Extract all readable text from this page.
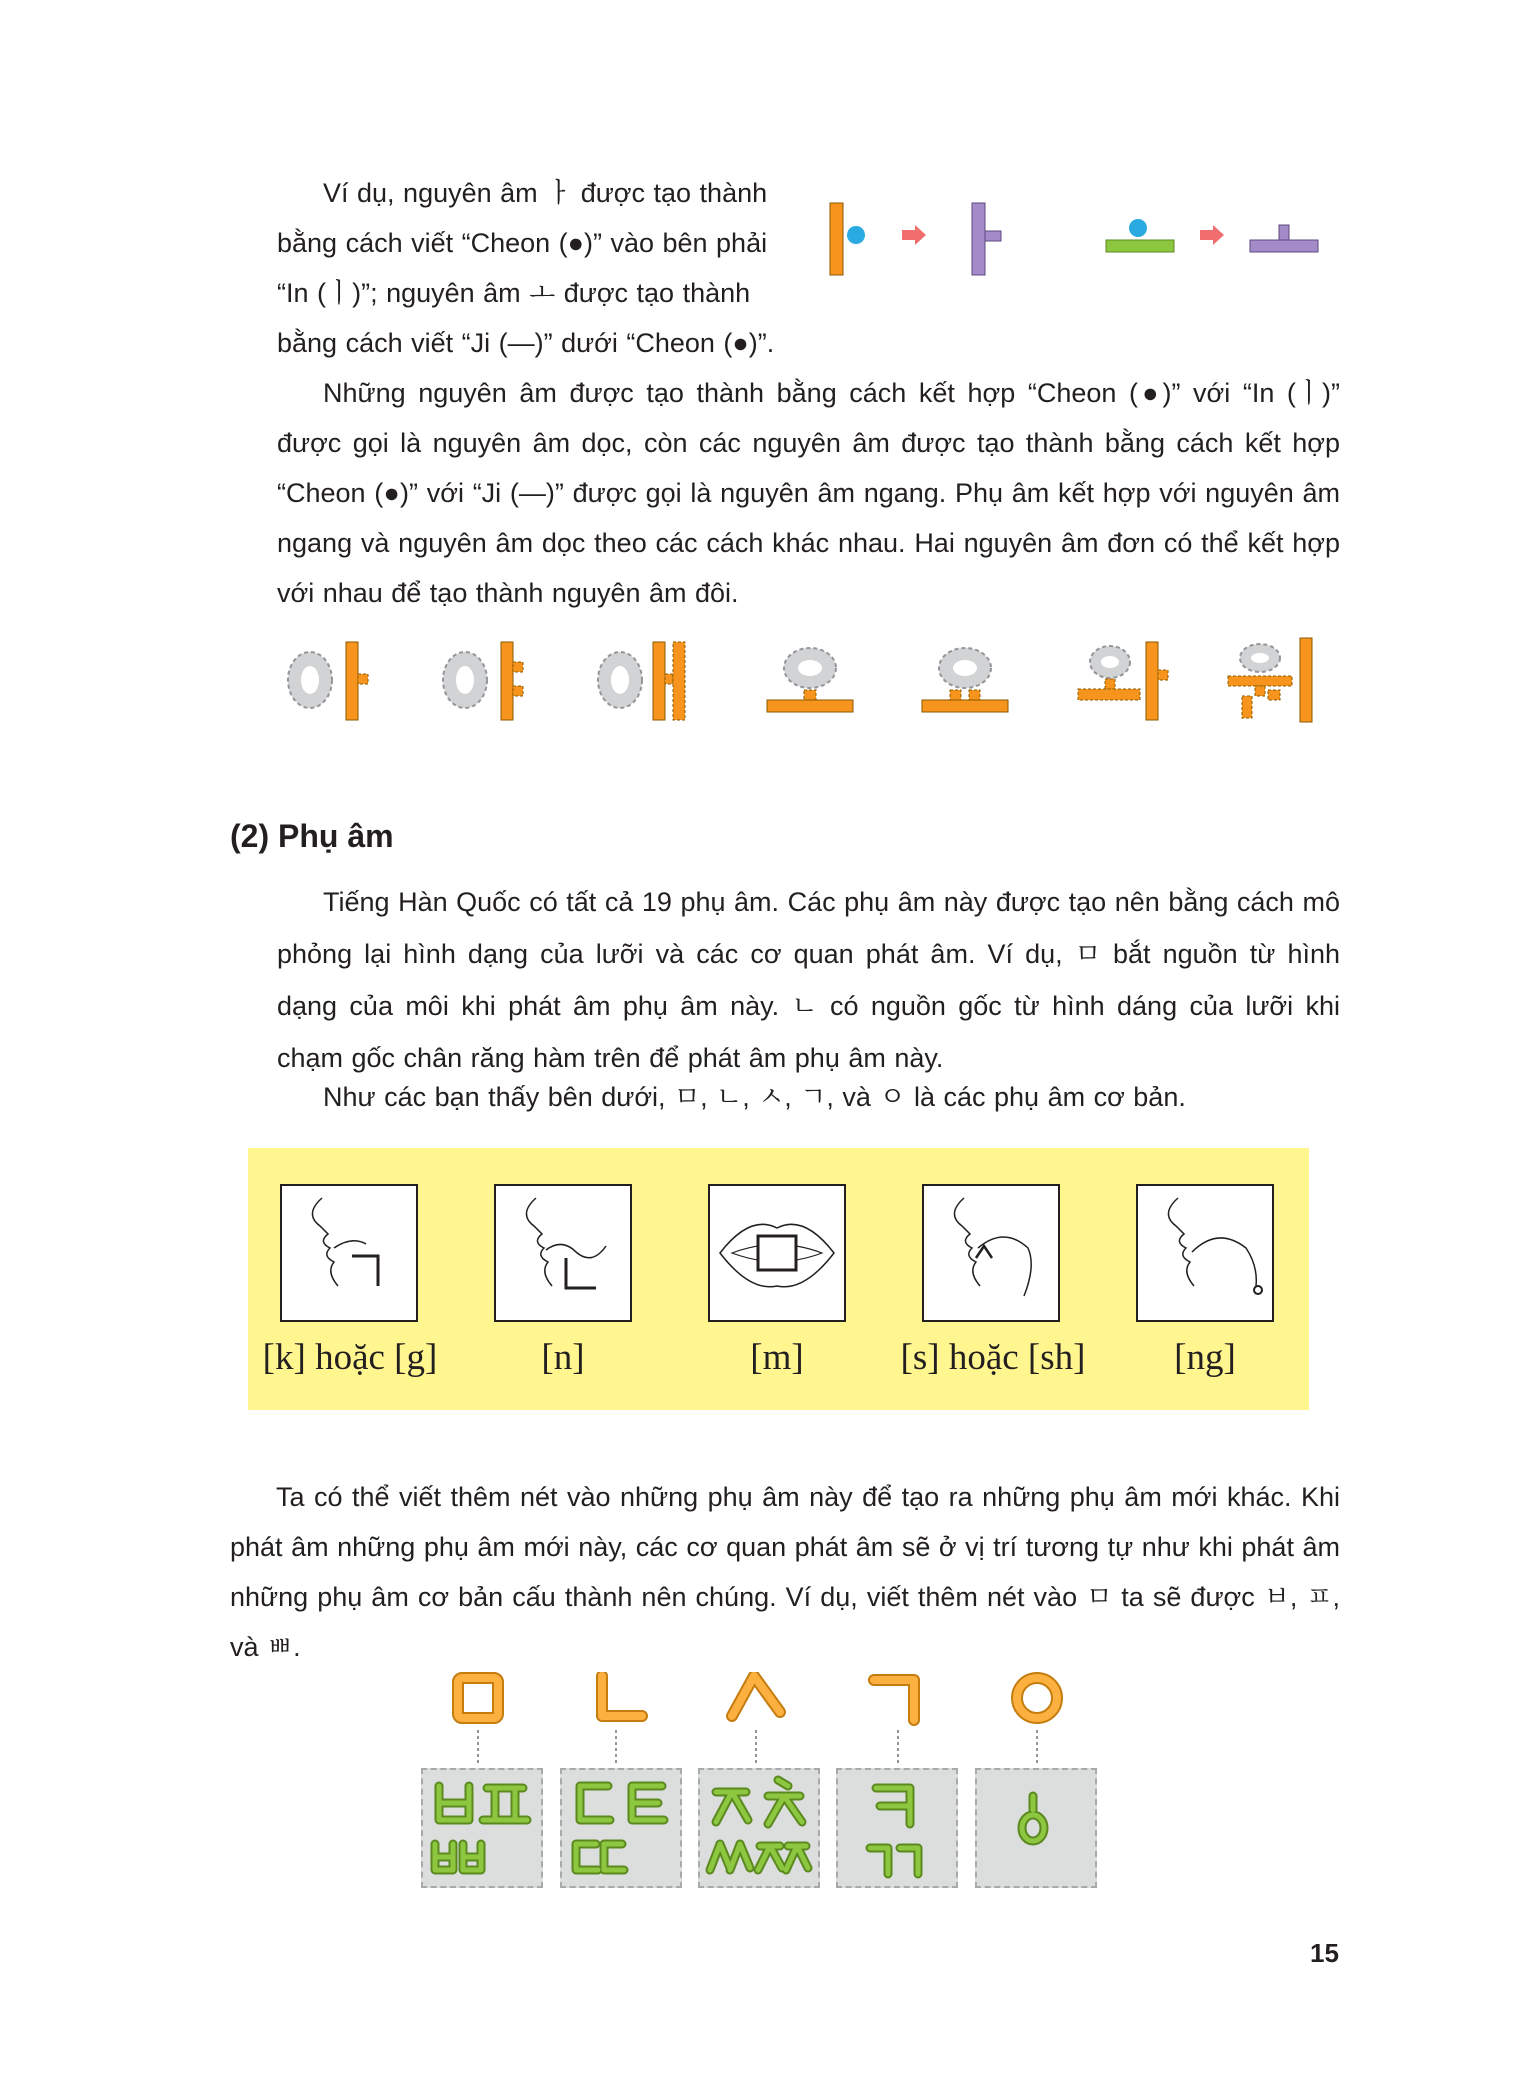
Ví dụ, nguyên âm ㅏ được tạo thành

bằng cách viết “Cheon (●)” vào bên phải

“In (ㅣ)”; nguyên âm ㅗ được tạo thành

bằng cách viết “Ji (—)” dưới “Cheon (●)”.

Những nguyên âm được tạo thành bằng cách kết hợp “Cheon (●)” với “In (ㅣ)” được gọi là nguyên âm dọc, còn các nguyên âm được tạo thành bằng cách kết hợp “Cheon (●)” với “Ji (—)” được gọi là nguyên âm ngang. Phụ âm kết hợp với nguyên âm ngang và nguyên âm dọc theo các cách khác nhau. Hai nguyên âm đơn có thể kết hợp với nhau để tạo thành nguyên âm đôi.

(2) Phụ âm

Tiếng Hàn Quốc có tất cả 19 phụ âm. Các phụ âm này được tạo nên bằng cách mô phỏng lại hình dạng của lưỡi và các cơ quan phát âm. Ví dụ, ㅁ bắt nguồn từ hình dạng của môi khi phát âm phụ âm này. ㄴ có nguồn gốc từ hình dáng của lưỡi khi chạm gốc chân răng hàm trên để phát âm phụ âm này.

Như các bạn thấy bên dưới, ㅁ, ㄴ, ㅅ, ㄱ, và ㅇ là các phụ âm cơ bản.

[k] hoặc [g]	[n]	[m]	[s] hoặc [sh]	[ng]

Ta có thể viết thêm nét vào những phụ âm này để tạo ra những phụ âm mới khác. Khi phát âm những phụ âm mới này, các cơ quan phát âm sẽ ở vị trí tương tự như khi phát âm những phụ âm cơ bản cấu thành nên chúng. Ví dụ, viết thêm nét vào ㅁ ta sẽ được ㅂ, ㅍ, và ㅃ.

15
